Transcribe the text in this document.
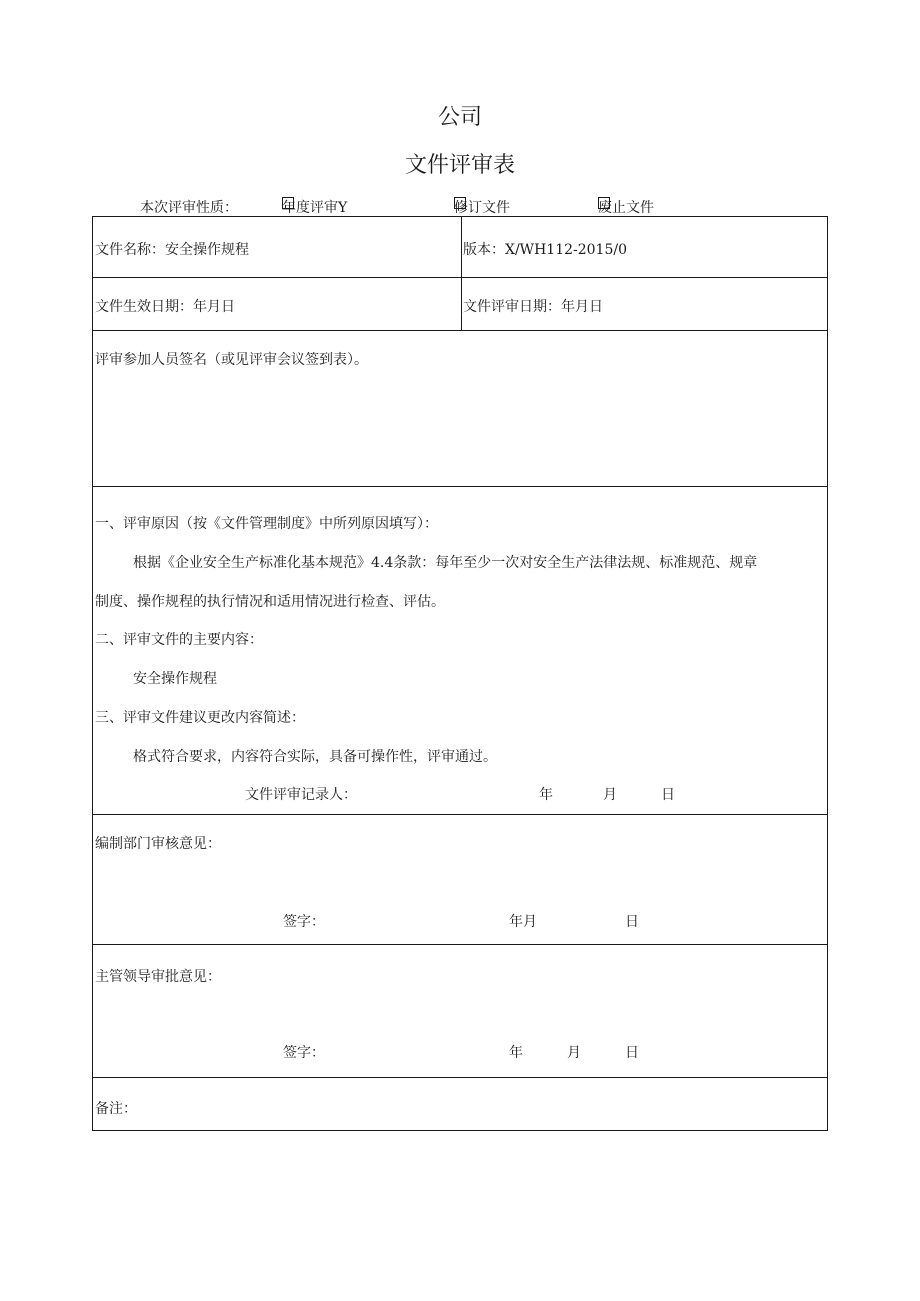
公司
文件评审表
本次评审性质：	年度评审Y	修订文件	废止文件
文件名称：安全操作规程	版本：X/WH112-2015/0
文件生效日期：年月日	文件评审日期：年月日
评审参加人员签名（或见评审会议签到表）。
一、评审原因（按《文件管理制度》中所列原因填写）：
根据《企业安全生产标准化基本规范》4.4条款：每年至少一次对安全生产法律法规、标准规范、规章
制度、操作规程的执行情况和适用情况进行检查、评估。
二、评审文件的主要内容：
安全操作规程
三、评审文件建议更改内容简述：
格式符合要求，内容符合实际，具备可操作性，评审通过。
文件评审记录人：	年	月	日
编制部门审核意见：
签字：	年月	日
主管领导审批意见：
签字：	年	月	日
备注：
